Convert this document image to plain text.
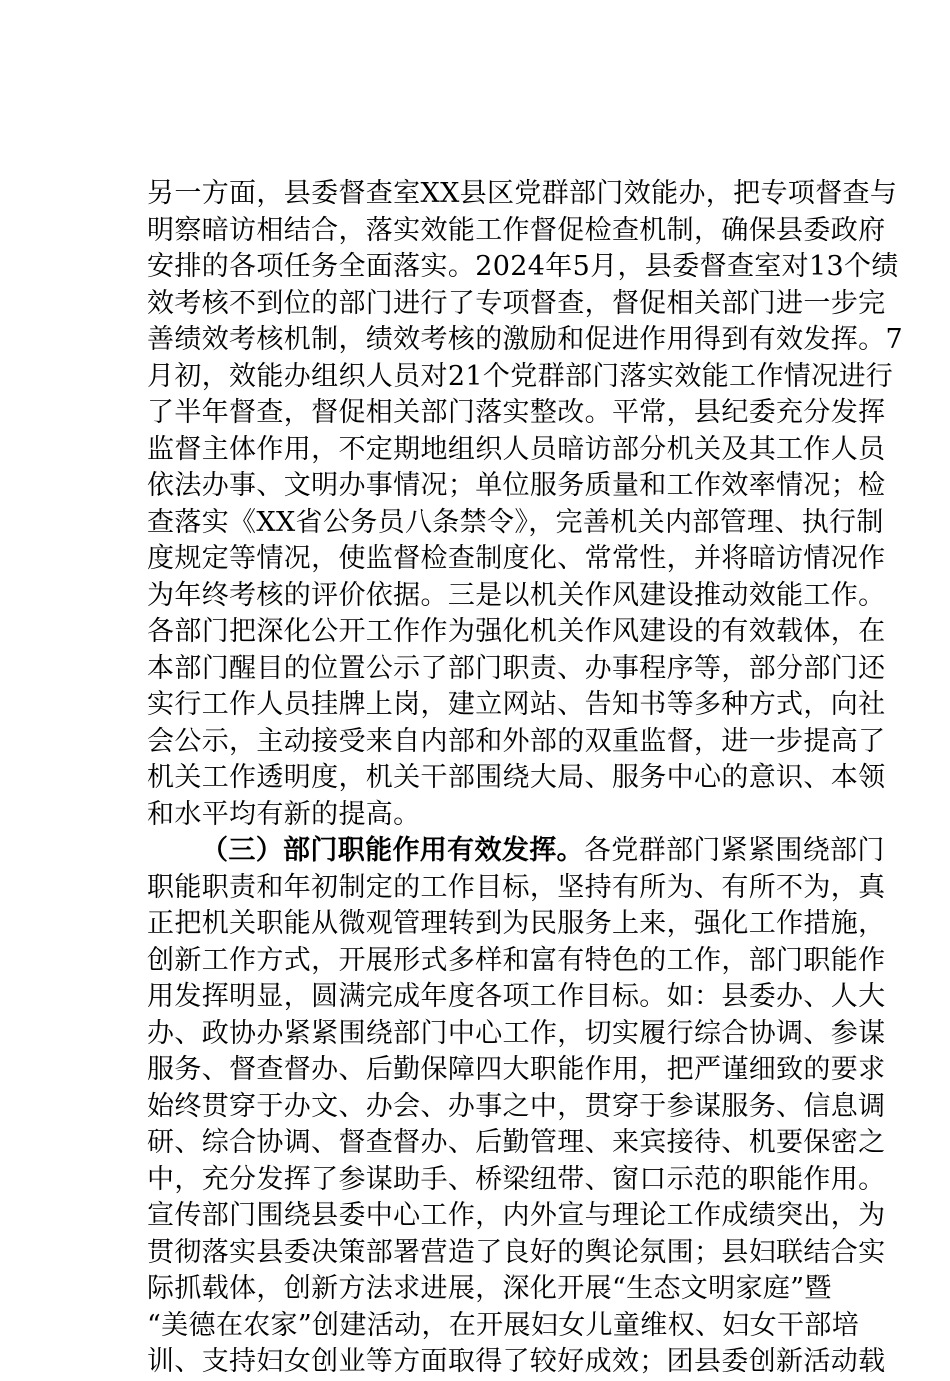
另一方面，县委督查室XX县区党群部门效能办，把专项督查与
明察暗访相结合，落实效能工作督促检查机制，确保县委政府
安排的各项任务全面落实。2024年5月，县委督查室对13个绩
效考核不到位的部门进行了专项督查，督促相关部门进一步完
善绩效考核机制，绩效考核的激励和促进作用得到有效发挥。7
月初，效能办组织人员对21个党群部门落实效能工作情况进行
了半年督查，督促相关部门落实整改。平常，县纪委充分发挥
监督主体作用，不定期地组织人员暗访部分机关及其工作人员
依法办事、文明办事情况；单位服务质量和工作效率情况；检
查落实《XX省公务员八条禁令》，完善机关内部管理、执行制
度规定等情况，使监督检查制度化、常常性，并将暗访情况作
为年终考核的评价依据。三是以机关作风建设推动效能工作。
各部门把深化公开工作作为强化机关作风建设的有效载体，在
本部门醒目的位置公示了部门职责、办事程序等，部分部门还
实行工作人员挂牌上岗，建立网站、告知书等多种方式，向社
会公示，主动接受来自内部和外部的双重监督，进一步提高了
机关工作透明度，机关干部围绕大局、服务中心的意识、本领
和水平均有新的提高。
（三）部门职能作用有效发挥。各党群部门紧紧围绕部门
职能职责和年初制定的工作目标，坚持有所为、有所不为，真
正把机关职能从微观管理转到为民服务上来，强化工作措施，
创新工作方式，开展形式多样和富有特色的工作，部门职能作
用发挥明显，圆满完成年度各项工作目标。如：县委办、人大
办、政协办紧紧围绕部门中心工作，切实履行综合协调、参谋
服务、督查督办、后勤保障四大职能作用，把严谨细致的要求
始终贯穿于办文、办会、办事之中，贯穿于参谋服务、信息调
研、综合协调、督查督办、后勤管理、来宾接待、机要保密之
中，充分发挥了参谋助手、桥梁纽带、窗口示范的职能作用。
宣传部门围绕县委中心工作，内外宣与理论工作成绩突出，为
贯彻落实县委决策部署营造了良好的舆论氛围；县妇联结合实
际抓载体，创新方法求进展，深化开展“生态文明家庭”暨
“美德在农家”创建活动，在开展妇女儿童维权、妇女干部培
训、支持妇女创业等方面取得了较好成效；团县委创新活动载
